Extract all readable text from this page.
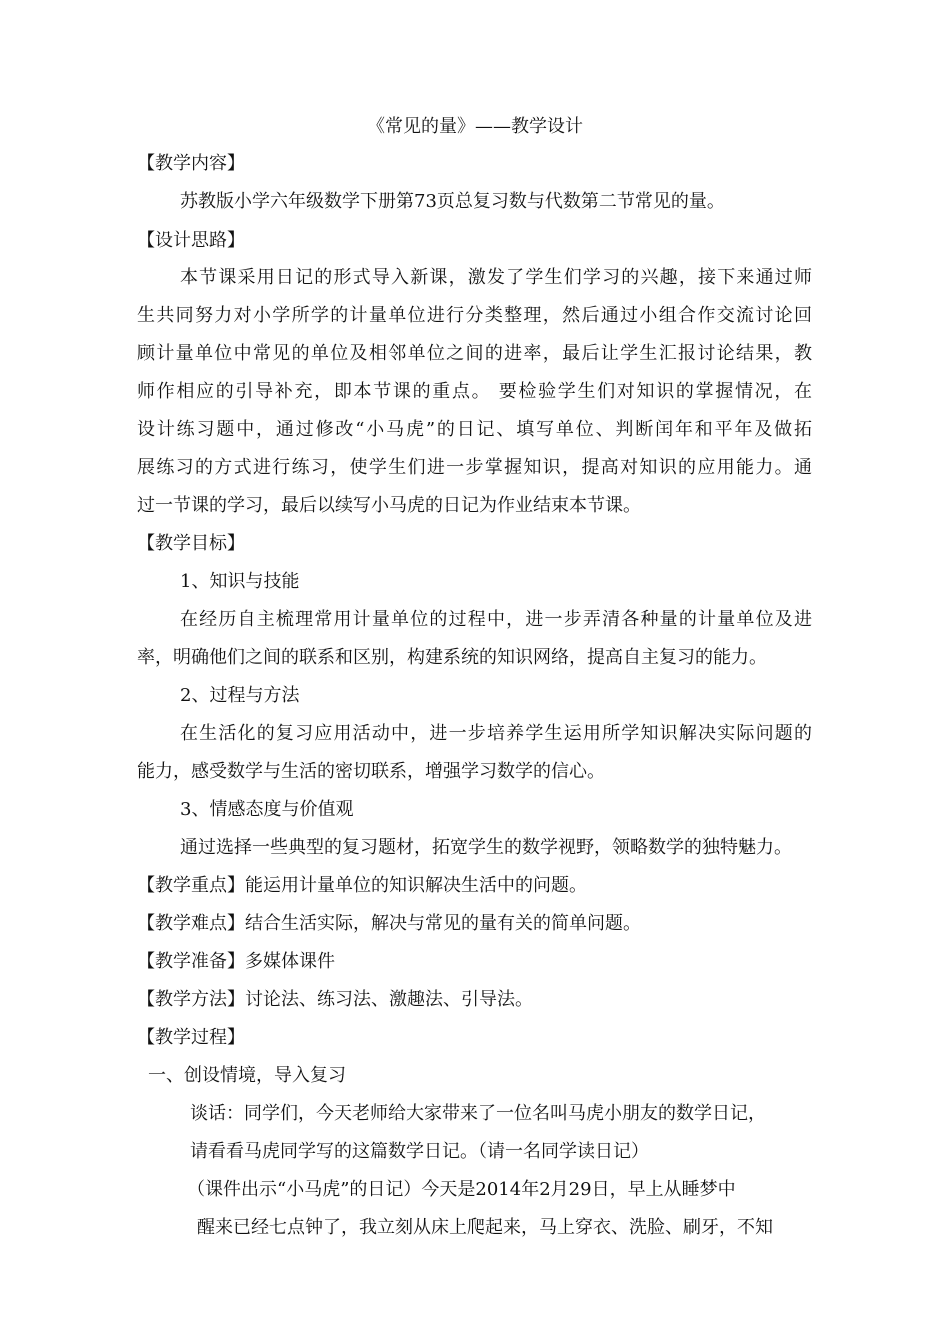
《常见的量》——教学设计
【教学内容】
苏教版小学六年级数学下册第73页总复习数与代数第二节常见的量。
【设计思路】
本节课采用日记的形式导入新课，激发了学生们学习的兴趣，接下来通过师
生共同努力对小学所学的计量单位进行分类整理，然后通过小组合作交流讨论回
顾计量单位中常见的单位及相邻单位之间的进率，最后让学生汇报讨论结果，教
师作相应的引导补充，即本节课的重点。 要检验学生们对知识的掌握情况，在
设计练习题中，通过修改“小马虎”的日记、填写单位、判断闰年和平年及做拓
展练习的方式进行练习，使学生们进一步掌握知识，提高对知识的应用能力。通
过一节课的学习，最后以续写小马虎的日记为作业结束本节课。
【教学目标】
1、知识与技能
在经历自主梳理常用计量单位的过程中，进一步弄清各种量的计量单位及进
率，明确他们之间的联系和区别，构建系统的知识网络，提高自主复习的能力。
2、过程与方法
在生活化的复习应用活动中，进一步培养学生运用所学知识解决实际问题的
能力，感受数学与生活的密切联系，增强学习数学的信心。
3、情感态度与价值观
通过选择一些典型的复习题材，拓宽学生的数学视野，领略数学的独特魅力。
【教学重点】能运用计量单位的知识解决生活中的问题。
【教学难点】结合生活实际，解决与常见的量有关的简单问题。
【教学准备】多媒体课件
【教学方法】讨论法、练习法、激趣法、引导法。
【教学过程】
一、创设情境，导入复习
谈话：同学们，今天老师给大家带来了一位名叫马虎小朋友的数学日记，
请看看马虎同学写的这篇数学日记。（请一名同学读日记）
（课件出示“小马虎”的日记）今天是2014年2月29日，早上从睡梦中
醒来已经七点钟了，我立刻从床上爬起来，马上穿衣、洗脸、刷牙，不知
